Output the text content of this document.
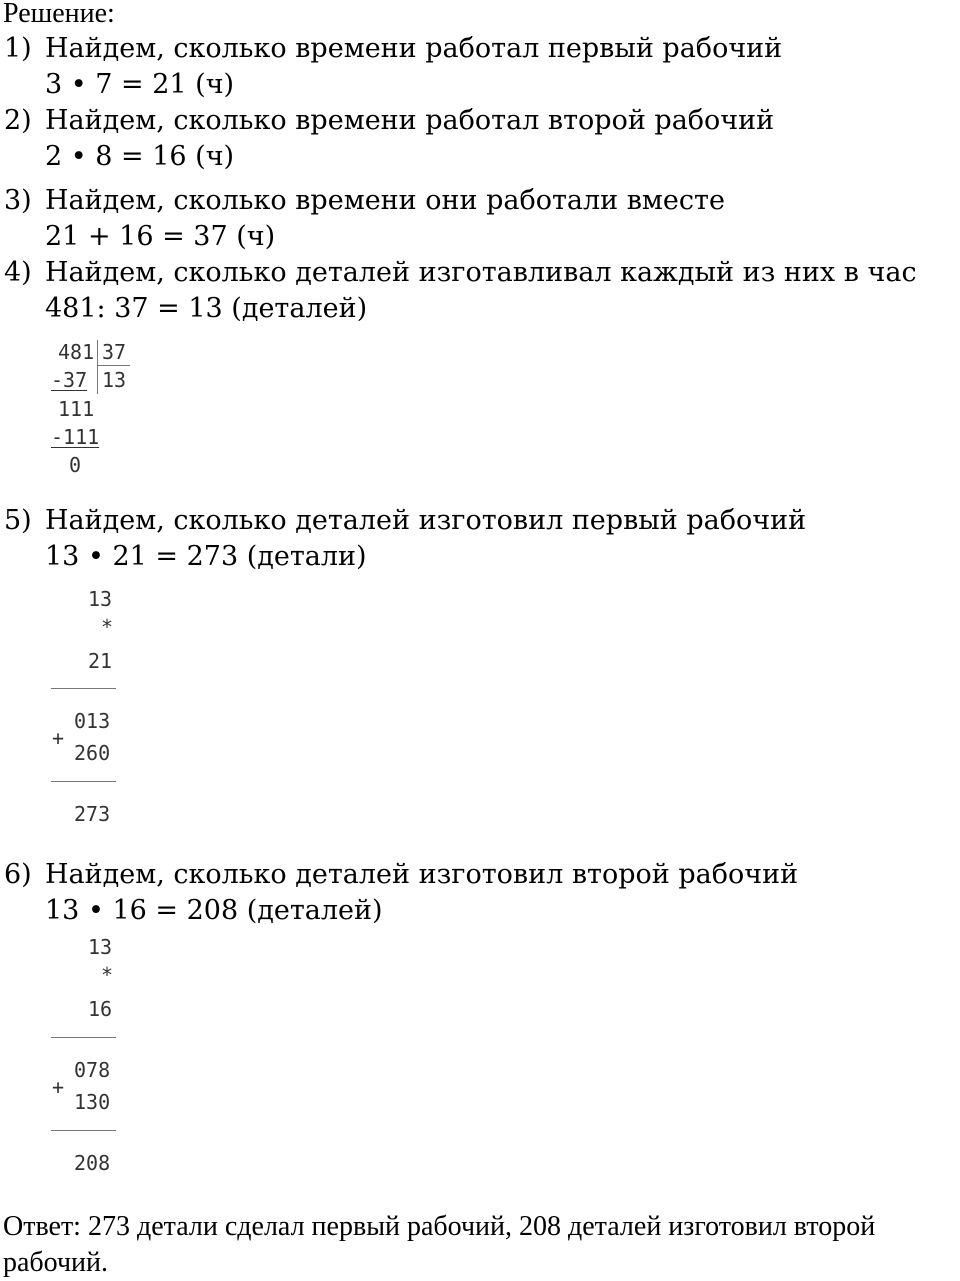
Решение:
1) Найдем, сколько времени работал первый рабочий
3 • 7 = 21 (ч)
2) Найдем, сколько времени работал второй рабочий
2 • 8 = 16 (ч)
3) Найдем, сколько времени они работали вместе
21 + 16 = 37 (ч)
4) Найдем, сколько деталей изготавливал каждый из них в час
481: 37 = 13 (деталей)
481 37
-37 13
111
-111
0
5) Найдем, сколько деталей изготовил первый рабочий
13 • 21 = 273 (детали)
13
*
21
013
+
260
273
6) Найдем, сколько деталей изготовил второй рабочий
13 • 16 = 208 (деталей)
13
*
16
078
+
130
208
Ответ: 273 детали сделал первый рабочий, 208 деталей изготовил второй
рабочий.
